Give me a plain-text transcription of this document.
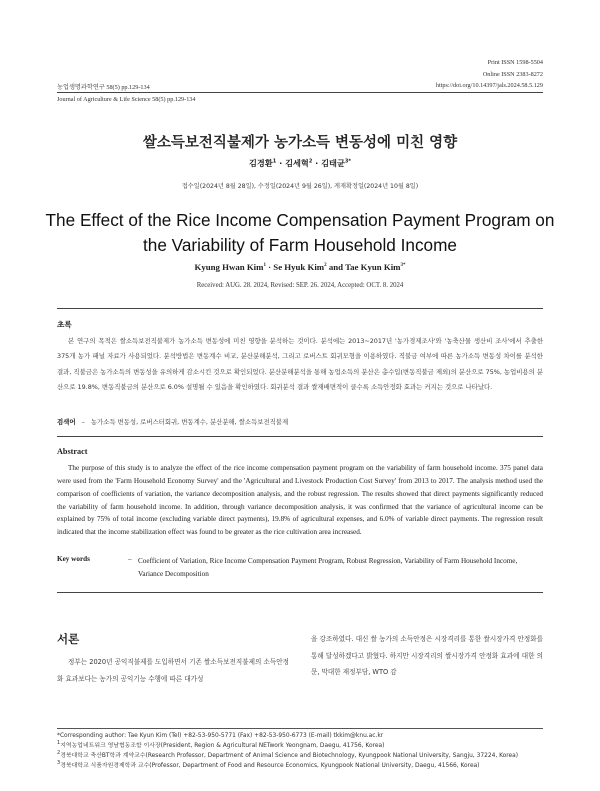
Print ISSN 1598-5504
Online ISSN 2383-8272
농업생명과학연구 58(5) pp.129-134	https://doi.org/10.14397/jals.2024.58.5.129
Journal of Agriculture & Life Science 58(5) pp.129-134
쌀소득보전직불제가 농가소득 변동성에 미친 영향
김경환$^1$ · 김세혁$^2$ · 김태균$^{3*}$
접수일(2024년 8월 28일), 수정일(2024년 9월 26일), 게재확정일(2024년 10월 8일)
The Effect of the Rice Income Compensation Payment Program on
the Variability of Farm Household Income
Kyung Hwan Kim$^1$ · Se Hyuk Kim$^2$ and Tae Kyun Kim$^{3*}$
Received: AUG. 28. 2024, Revised: SEP. 26. 2024, Accepted: OCT. 8. 2024
초록
본 연구의 목적은 쌀소득보전직불제가 농가소득 변동성에 미친 영향을 분석하는 것이다. 분석에는 2013~2017년 '농가경제조사'와 '농축산물 생산비 조사'에서 추출한 375개 농가 패널 자료가 사용되었다. 분석방법은 변동계수 비교, 분산분해분석, 그리고 로버스트 회귀모형을 이용하였다. 직불금 여부에 따른 농가소득 변동성 차이를 분석한 결과, 직불금은 농가소득의 변동성을 유의하게 감소시킨 것으로 확인되었다. 분산분해분석을 통해 농업소득의 분산은 총수입(변동직불금 제외)의 분산으로 75%, 농업비용의 분산으로 19.8%, 변동직불금의 분산으로 6.0% 설명될 수 있음을 확인하였다. 회귀분석 결과 쌀재배면적이 클수록 소득안정화 효과는 커지는 것으로 나타났다.
검색어 – 농가소득 변동성, 로버스터회귀, 변동계수, 분산분해, 쌀소득보전직불제
Abstract
The purpose of this study is to analyze the effect of the rice income compensation payment program on the variability of farm household income. 375 panel data were used from the 'Farm Household Economy Survey' and the 'Agricultural and Livestock Production Cost Survey' from 2013 to 2017. The analysis method used the comparison of coefficients of variation, the variance decomposition analysis, and the robust regression. The results showed that direct payments significantly reduced the variability of farm household income. In addition, through variance decomposition analysis, it was confirmed that the variance of agricultural income can be explained by 75% of total income (excluding variable direct payments), 19.8% of agricultural expenses, and 6.0% of variable direct payments. The regression result indicated that the income stabilization effect was found to be greater as the rice cultivation area increased.
Key words	– Coefficient of Variation, Rice Income Compensation Payment Program, Robust Regression, Variability of Farm Household Income, Variance Decomposition
서론
정부는 2020년 공익직불제를 도입하면서 기존 쌀소득보전직불제의 소득안정화 효과보다는 농가의 공익기능 수행에 따른 대가성
을 강조하였다. 대신 쌀 농가의 소득안정은 시장격리를 통한 쌀시장가격 안정화를 통해 달성하겠다고 밝혔다. 하지만 시장격리의 쌀시장가격 안정화 효과에 대한 의문, 막대한 재정부담, WTO 감
*Corresponding author: Tae Kyun Kim (Tel) +82-53-950-5771 (Fax) +82-53-950-6773 (E-mail) tkkim@knu.ac.kr
$^1$지역농업네트워크 영남협동조합 이사장(President, Region & Agricultural NETwork Yeongnam, Daegu, 41756, Korea)
$^2$경북대학교 축산BT학과 계약교수(Research Professor, Department of Animal Science and Biotechnology, Kyungpook National University, Sangju, 37224, Korea)
$^3$경북대학교 식품자원경제학과 교수(Professor, Department of Food and Resource Economics, Kyungpook National University, Daegu, 41566, Korea)
